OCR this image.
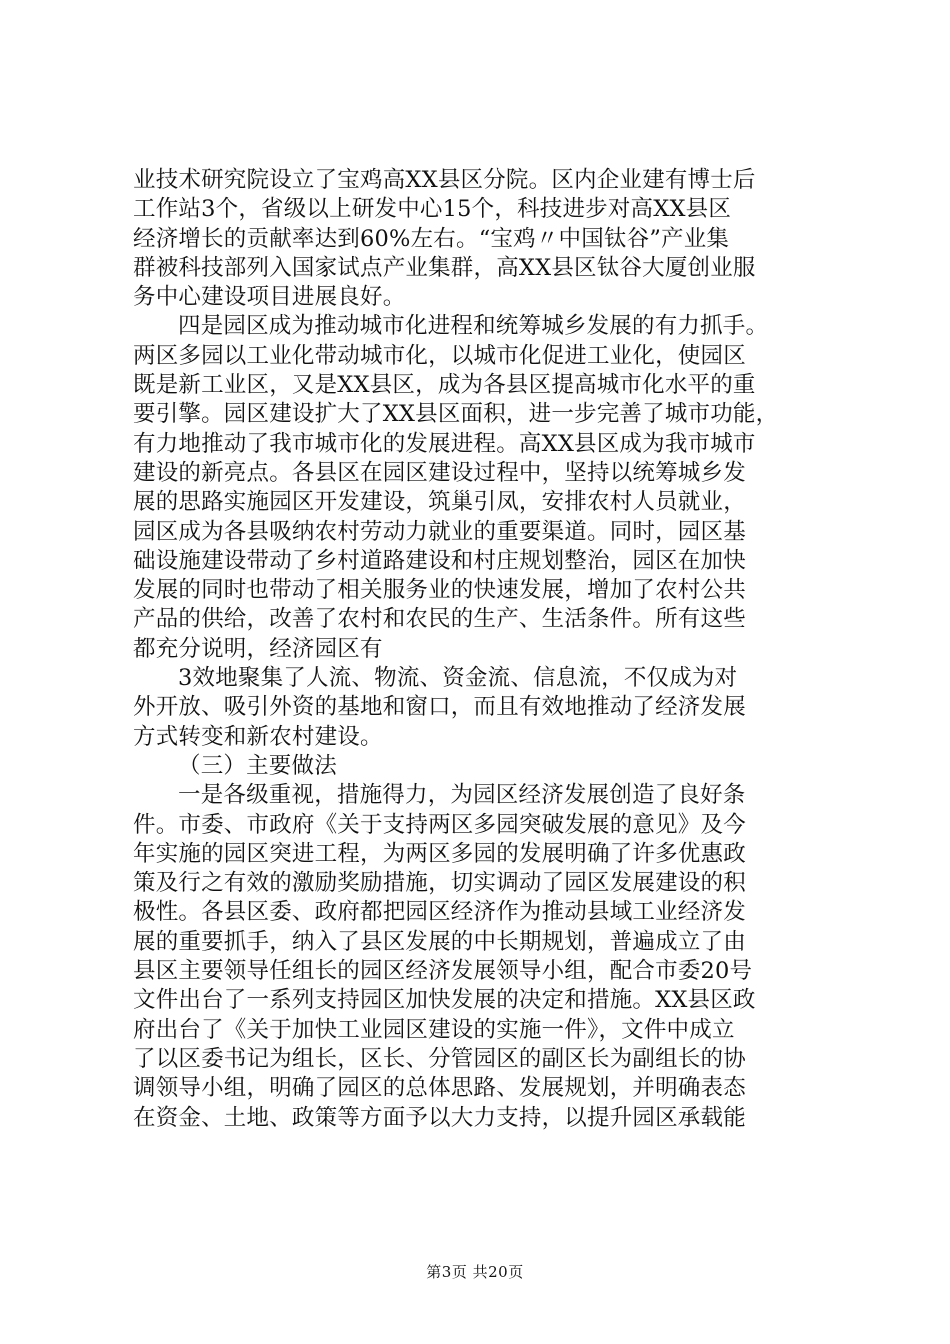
业技术研究院设立了宝鸡高XX县区分院。区内企业建有博士后
工作站3个，省级以上研发中心15个，科技进步对高XX县区
经济增长的贡献率达到60%左右。“宝鸡〃中国钛谷”产业集
群被科技部列入国家试点产业集群，高XX县区钛谷大厦创业服
务中心建设项目进展良好。
四是园区成为推动城市化进程和统筹城乡发展的有力抓手。
两区多园以工业化带动城市化，以城市化促进工业化，使园区
既是新工业区，又是XX县区，成为各县区提高城市化水平的重
要引擎。园区建设扩大了XX县区面积，进一步完善了城市功能，
有力地推动了我市城市化的发展进程。高XX县区成为我市城市
建设的新亮点。各县区在园区建设过程中，坚持以统筹城乡发
展的思路实施园区开发建设，筑巢引凤，安排农村人员就业，
园区成为各县吸纳农村劳动力就业的重要渠道。同时，园区基
础设施建设带动了乡村道路建设和村庄规划整治，园区在加快
发展的同时也带动了相关服务业的快速发展，增加了农村公共
产品的供给，改善了农村和农民的生产、生活条件。所有这些
都充分说明，经济园区有
3效地聚集了人流、物流、资金流、信息流，不仅成为对
外开放、吸引外资的基地和窗口，而且有效地推动了经济发展
方式转变和新农村建设。
（三）主要做法
一是各级重视，措施得力，为园区经济发展创造了良好条
件。市委、市政府《关于支持两区多园突破发展的意见》及今
年实施的园区突进工程，为两区多园的发展明确了许多优惠政
策及行之有效的激励奖励措施，切实调动了园区发展建设的积
极性。各县区委、政府都把园区经济作为推动县域工业经济发
展的重要抓手，纳入了县区发展的中长期规划，普遍成立了由
县区主要领导任组长的园区经济发展领导小组，配合市委20号
文件出台了一系列支持园区加快发展的决定和措施。XX县区政
府出台了《关于加快工业园区建设的实施一件》，文件中成立
了以区委书记为组长，区长、分管园区的副区长为副组长的协
调领导小组，明确了园区的总体思路、发展规划，并明确表态
在资金、土地、政策等方面予以大力支持，以提升园区承载能
第3页 共20页
